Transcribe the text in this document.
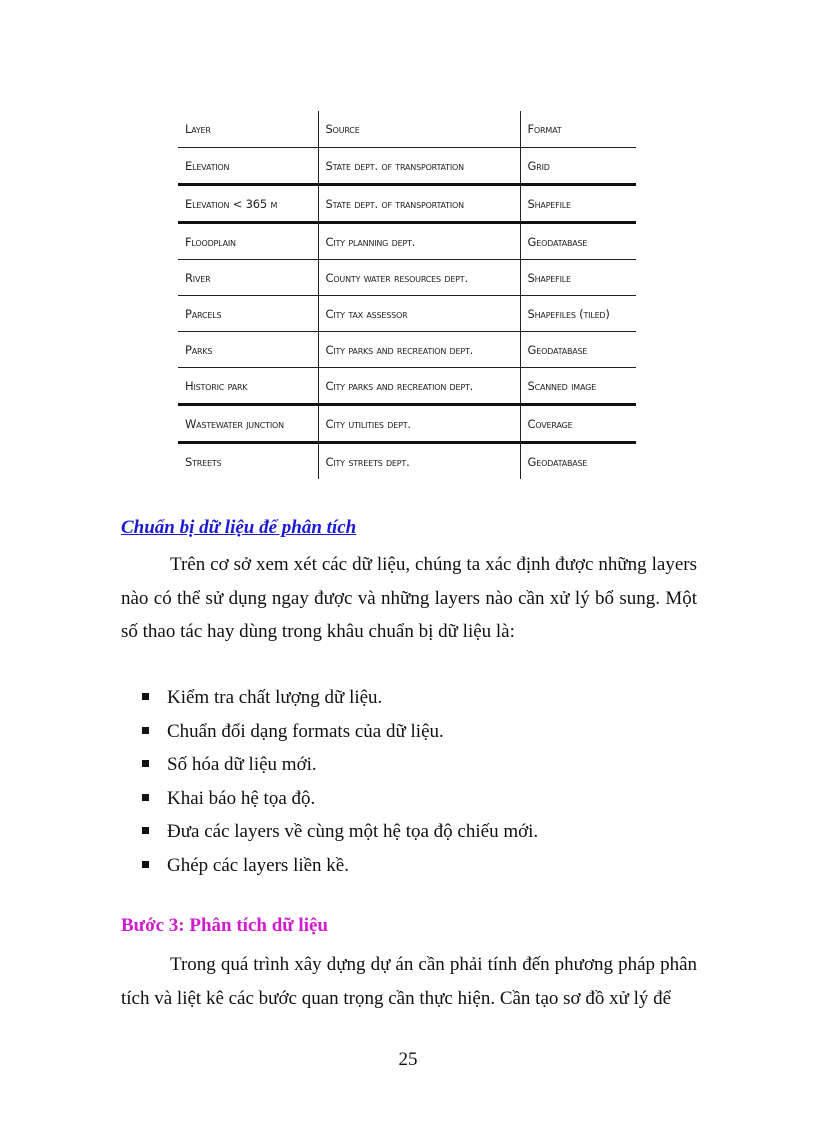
Layer	Source	Format
Elevation	State dept. of transportation	Grid
Elevation < 365 m	State dept. of transportation	Shapefile
Floodplain	City planning dept.	Geodatabase
River	County water resources dept.	Shapefile
Parcels	City tax assessor	Shapefiles (tiled)
Parks	City parks and recreation dept.	Geodatabase
Historic park	City parks and recreation dept.	Scanned image
Wastewater junction	City utilities dept.	Coverage
Streets	City streets dept.	Geodatabase
Chuẩn bị dữ liệu để phân tích

Trên cơ sở xem xét các dữ liệu, chúng ta xác định được những layers nào có thể sử dụng ngay được và những layers nào cần xử lý bổ sung. Một số thao tác hay dùng trong khâu chuẩn bị dữ liệu là:

Kiểm tra chất lượng dữ liệu.
Chuẩn đổi dạng formats của dữ liệu.
Số hóa dữ liệu mới.
Khai báo hệ tọa độ.
Đưa các layers về cùng một hệ tọa độ chiếu mới.
Ghép các layers liền kề.
Bước 3: Phân tích dữ liệu

Trong quá trình xây dựng dự án cần phải tính đến phương pháp phân tích và liệt kê các bước quan trọng cần thực hiện. Cần tạo sơ đồ xử lý để

25
